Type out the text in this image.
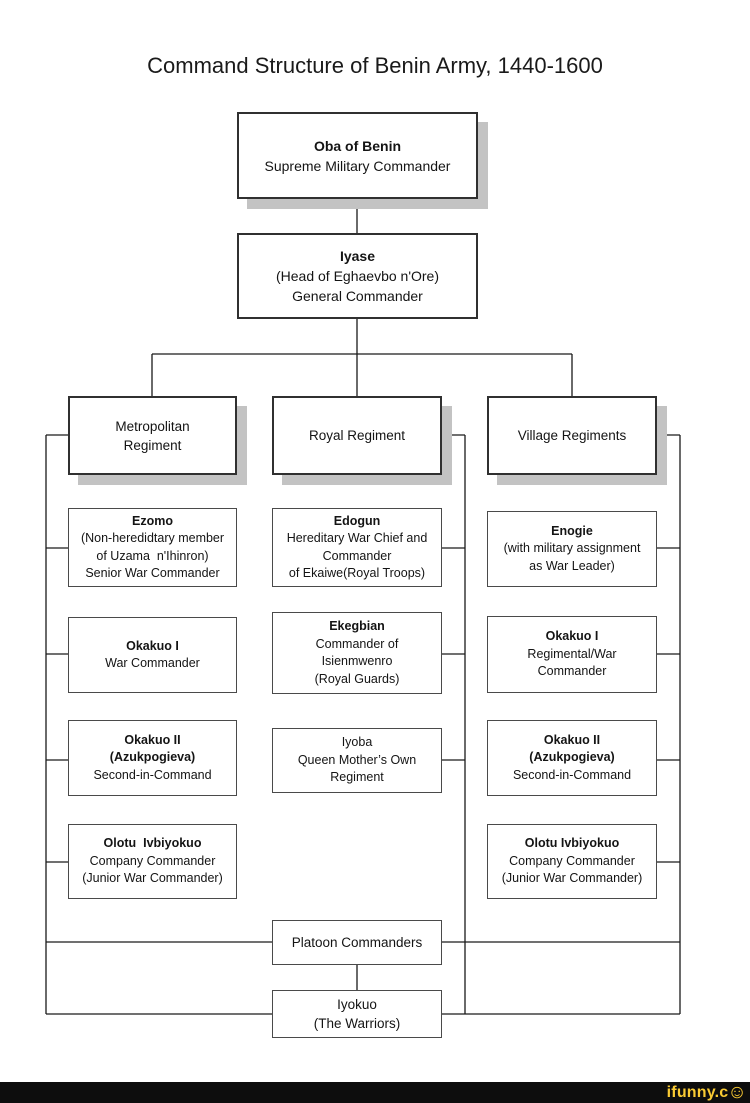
Command Structure of Benin Army, 1440-1600
Oba of Benin
Supreme Military Commander
Iyase
(Head of Eghaevbo n'Ore)
General Commander
Metropolitan
Regiment
Royal Regiment	Village Regiments
Ezomo
(Non-heredidtary member
of Uzama  n'Ihinron)
Senior War Commander
Edogun
Hereditary War Chief and
Commander
of Ekaiwe(Royal Troops)
Enogie
(with military assignment
as War Leader)
Okakuo I
War Commander
Ekegbian
Commander of
Isienmwenro
(Royal Guards)
Okakuo I
Regimental/War
Commander
Okakuo II
(Azukpogieva)
Second-in-Command
Iyoba
Queen Mother’s Own
Regiment
Okakuo II
(Azukpogieva)
Second-in-Command
Olotu  Ivbiyokuo
Company Commander
(Junior War Commander)
Olotu Ivbiyokuo
Company Commander
(Junior War Commander)
Platoon Commanders
Iyokuo
(The Warriors)
ifunny.c ☺
